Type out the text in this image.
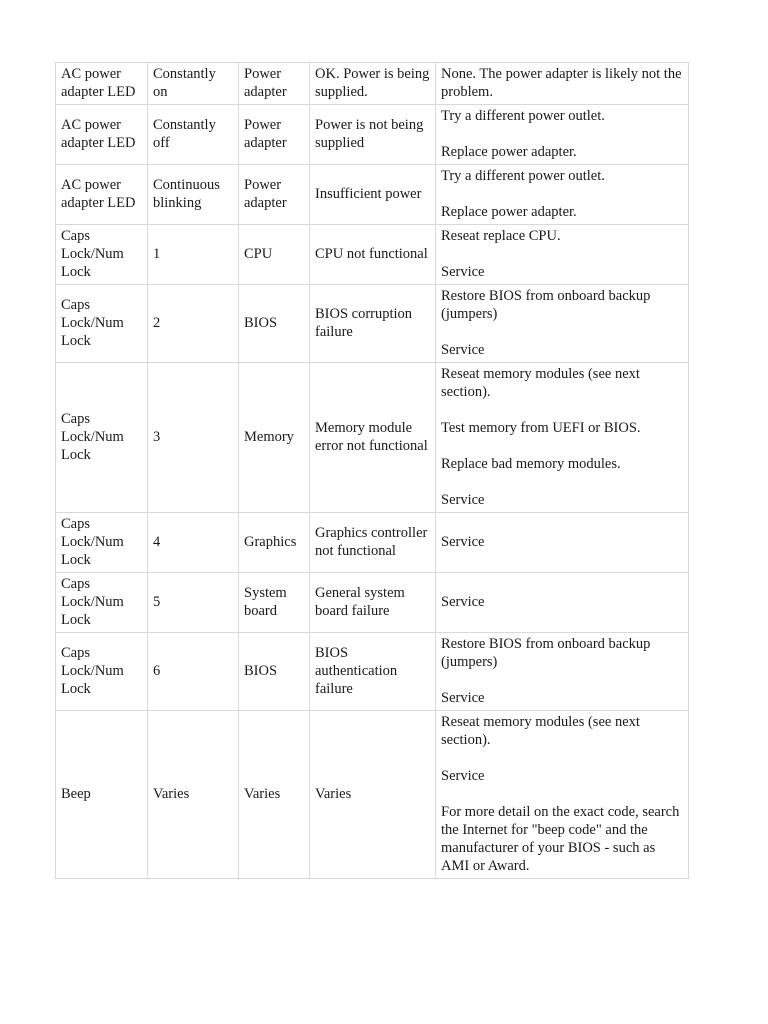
AC power adapter LED	Constantly on	Power adapter	OK. Power is being supplied.	None. The power adapter is likely not the problem.

AC power adapter LED	Constantly off	Power adapter	Power is not being supplied	Try a different power outlet.
Replace power adapter.

AC power adapter LED	Continuous blinking	Power adapter	Insufficient power	Try a different power outlet.
Replace power adapter.

Caps Lock/Num Lock	1	CPU	CPU not functional	Reseat replace CPU.
Service

Caps Lock/Num Lock	2	BIOS	BIOS corruption failure	Restore BIOS from onboard backup (jumpers)
Service

Caps Lock/Num Lock	3	Memory	Memory module error not functional	Reseat memory modules (see next section).
Test memory from UEFI or BIOS.
Replace bad memory modules.
Service

Caps Lock/Num Lock	4	Graphics	Graphics controller not functional	Service

Caps Lock/Num Lock	5	System board	General system board failure	Service

Caps Lock/Num Lock	6	BIOS	BIOS authentication failure	Restore BIOS from onboard backup (jumpers)
Service

Beep	Varies	Varies	Varies	Reseat memory modules (see next section).
Service
For more detail on the exact code, search the Internet for "beep code" and the manufacturer of your BIOS - such as AMI or Award.
